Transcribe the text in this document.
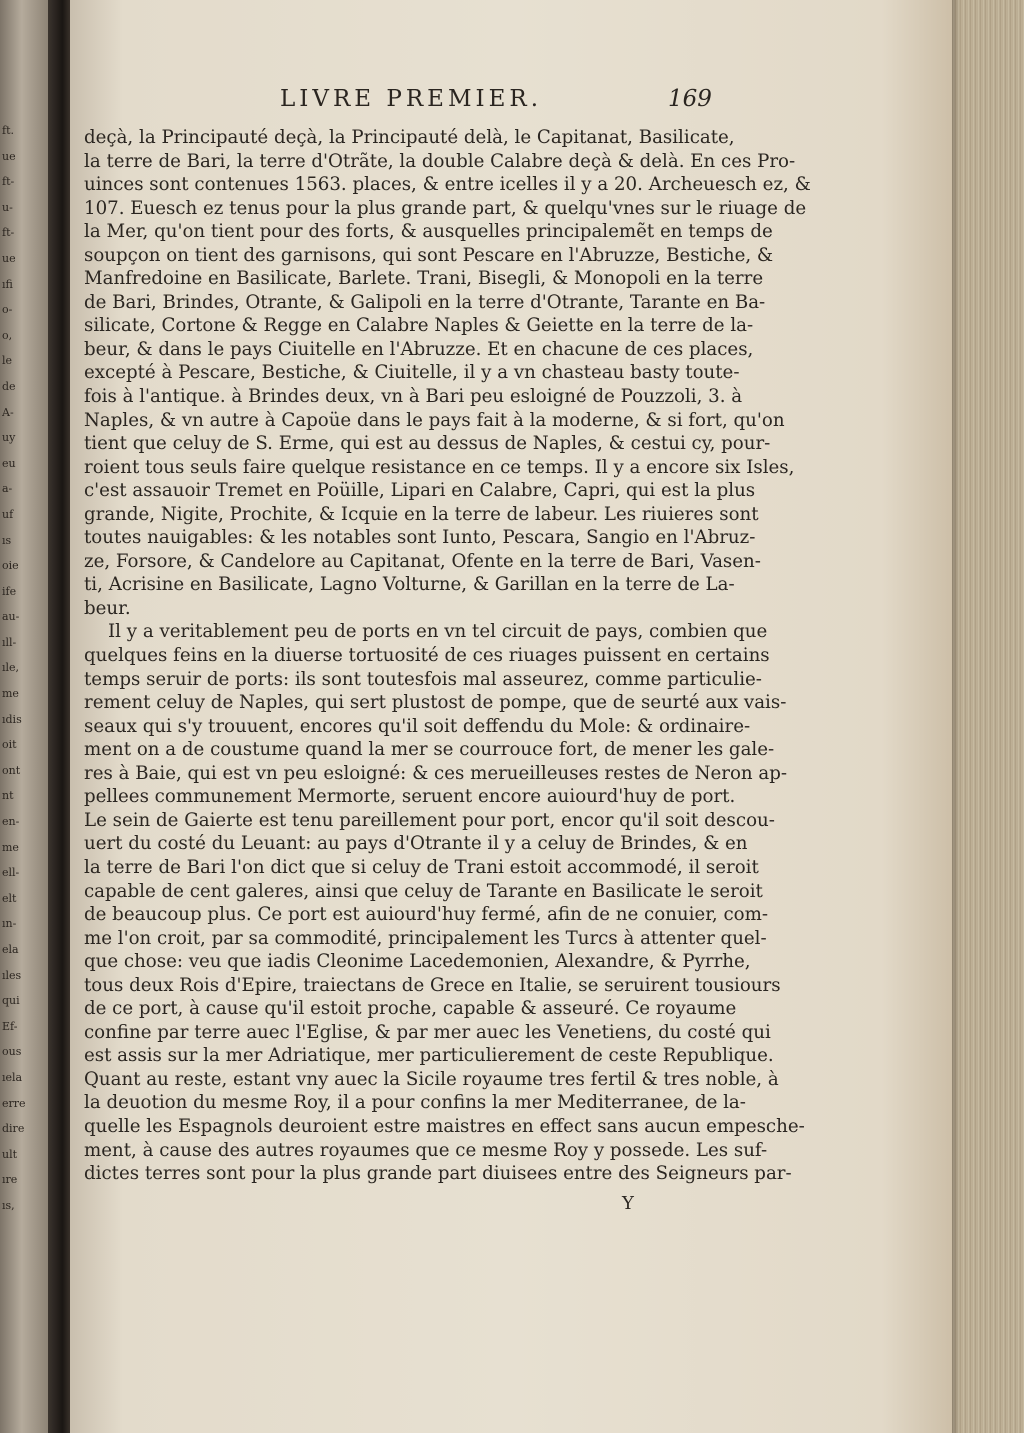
ft.
ue
ft-
u-
ft-
ue
ıfi
o-
o,
le
de
A-
uy
eu
a-
uf
ıs
oie
ife
au-
ıll-
ıle,
me
ıdis
oit
ont
nt
en-
me
ell-
elt
ın-
ela
ıles
qui
Ef-
ous
ıela
erre
dire
ult
ıre
ıs,
LIVRE PREMIER.	169
deçà, la Principauté deçà, la Principauté delà, le Capitanat, Basilicate,
la terre de Bari, la terre d'Otrãte, la double Calabre deçà & delà. En ces Pro-
uinces sont contenues 1563. places, & entre icelles il y a 20. Archeuesch ez, &
107. Euesch ez tenus pour la plus grande part, & quelqu'vnes sur le riuage de
la Mer, qu'on tient pour des forts, & ausquelles principalemẽt en temps de
soupçon on tient des garnisons, qui sont Pescare en l'Abruzze, Bestiche, &
Manfredoine en Basilicate, Barlete. Trani, Bisegli, & Monopoli en la terre
de Bari, Brindes, Otrante, & Galipoli en la terre d'Otrante, Tarante en Ba-
silicate, Cortone & Regge en Calabre Naples & Geiette en la terre de la-
beur, & dans le pays Ciuitelle en l'Abruzze. Et en chacune de ces places,
excepté à Pescare, Bestiche, & Ciuitelle, il y a vn chasteau basty toute-
fois à l'antique. à Brindes deux, vn à Bari peu esloigné de Pouzzoli, 3. à
Naples, & vn autre à Capoüe dans le pays fait à la moderne, & si fort, qu'on
tient que celuy de S. Erme, qui est au dessus de Naples, & cestui cy, pour-
roient tous seuls faire quelque resistance en ce temps. Il y a encore six Isles,
c'est assauoir Tremet en Poüille, Lipari en Calabre, Capri, qui est la plus
grande, Nigite, Prochite, & Icquie en la terre de labeur. Les riuieres sont
toutes nauigables: & les notables sont Iunto, Pescara, Sangio en l'Abruz-
ze, Forsore, & Candelore au Capitanat, Ofente en la terre de Bari, Vasen-
ti, Acrisine en Basilicate, Lagno Volturne, & Garillan en la terre de La-
beur.
Il y a veritablement peu de ports en vn tel circuit de pays, combien que
quelques feins en la diuerse tortuosité de ces riuages puissent en certains
temps seruir de ports: ils sont toutesfois mal asseurez, comme particulie-
rement celuy de Naples, qui sert plustost de pompe, que de seurté aux vais-
seaux qui s'y trouuent, encores qu'il soit deffendu du Mole: & ordinaire-
ment on a de coustume quand la mer se courrouce fort, de mener les gale-
res à Baie, qui est vn peu esloigné: & ces merueilleuses restes de Neron ap-
pellees communement Mermorte, seruent encore auiourd'huy de port.
Le sein de Gaierte est tenu pareillement pour port, encor qu'il soit descou-
uert du costé du Leuant: au pays d'Otrante il y a celuy de Brindes, & en
la terre de Bari l'on dict que si celuy de Trani estoit accommodé, il seroit
capable de cent galeres, ainsi que celuy de Tarante en Basilicate le seroit
de beaucoup plus. Ce port est auiourd'huy fermé, afin de ne conuier, com-
me l'on croit, par sa commodité, principalement les Turcs à attenter quel-
que chose: veu que iadis Cleonime Lacedemonien, Alexandre, & Pyrrhe,
tous deux Rois d'Epire, traiectans de Grece en Italie, se seruirent tousiours
de ce port, à cause qu'il estoit proche, capable & asseuré. Ce royaume
confine par terre auec l'Eglise, & par mer auec les Venetiens, du costé qui
est assis sur la mer Adriatique, mer particulierement de ceste Republique.
Quant au reste, estant vny auec la Sicile royaume tres fertil & tres noble, à
la deuotion du mesme Roy, il a pour confins la mer Mediterranee, de la-
quelle les Espagnols deuroient estre maistres en effect sans aucun empesche-
ment, à cause des autres royaumes que ce mesme Roy y possede. Les suf-
dictes terres sont pour la plus grande part diuisees entre des Seigneurs par-
Y
